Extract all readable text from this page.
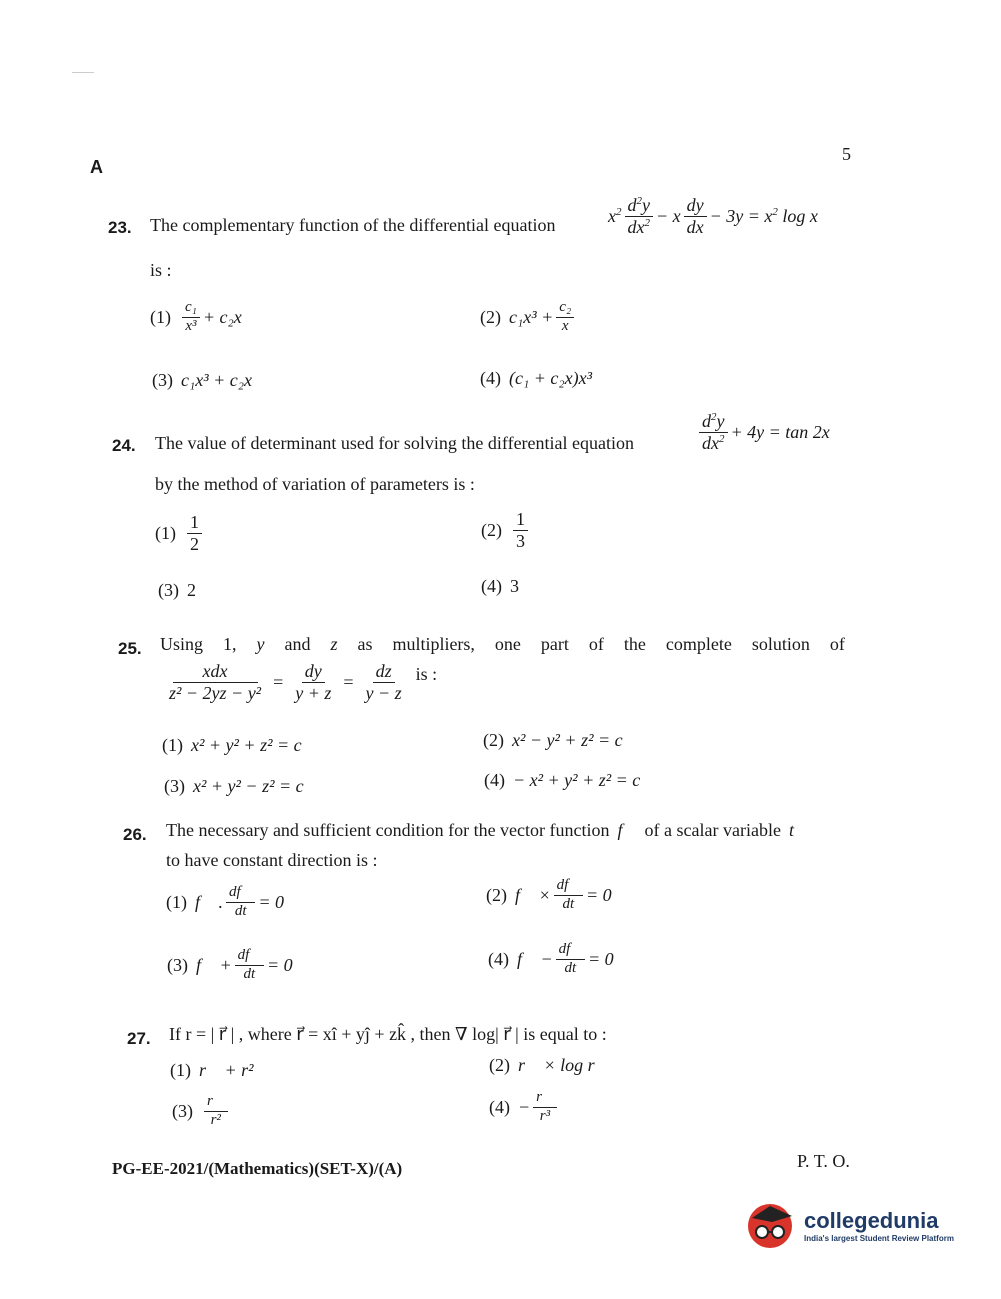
A
5
23. The complementary function of the differential equation	$x^2 \frac{d^2y}{dx^2} - x \frac{dy}{dx} - 3y = x^2$ log x
is :
$(1) \frac{\text{c₁}}{\text{x³}} + c_2x$	(2) $c_1x^3 + \frac{\text{c₂}}{x}$
(3) c₁x³ + c₂x	(4) (c₁ + c₂x)x³
24. The value of determinant used for solving the differential equation	$\frac{d^2y}{dx^2} + 4y = \tan 2x$
by the method of variation of parameters is :
$(1) \frac{1}{2}$	$(2) \frac{1}{3}$
(3) 2	(4) 3
25. Using 1, y and z as multipliers, one part of the complete solution of
$\frac{\text{xdx}}{\text{z² − 2yz − y²}} = \frac{dy}{y + z} = \frac{dz}{y - z}$ is :
(1) x² + y² + z² = c	(2) x² − y² + z² = c
(3) x² + y² − z² = c	(4) − x² + y² + z² = c
26. The necessary and sufficient condition for the vector function f⃗ of a scalar variable t
to have constant direction is :
(1) f⃗ . $\frac{df⃗}{dt} = 0$	(2) f⃗ × $\frac{df⃗}{dt}$ = 0⃗
(3) f⃗ + $\frac{df⃗}{dt}$ = 0⃗	(4) f⃗ − $\frac{df⃗}{dt}$ = 0⃗
27. If r = | r⃗ | , where r⃗ = xî + yĵ + zk̂ , then ∇ log| r⃗ | is equal to :
(1) r⃗ + r²	(2) r⃗ × log r⃗
$(3) \frac{r⃗}{\text{r²}}$	$(4) - \frac{r⃗}{\text{r³}}$
PG-EE-2021/(Mathematics)(SET-X)/(A)	P. T. O.
collegedunia
India's largest Student Review Platform
